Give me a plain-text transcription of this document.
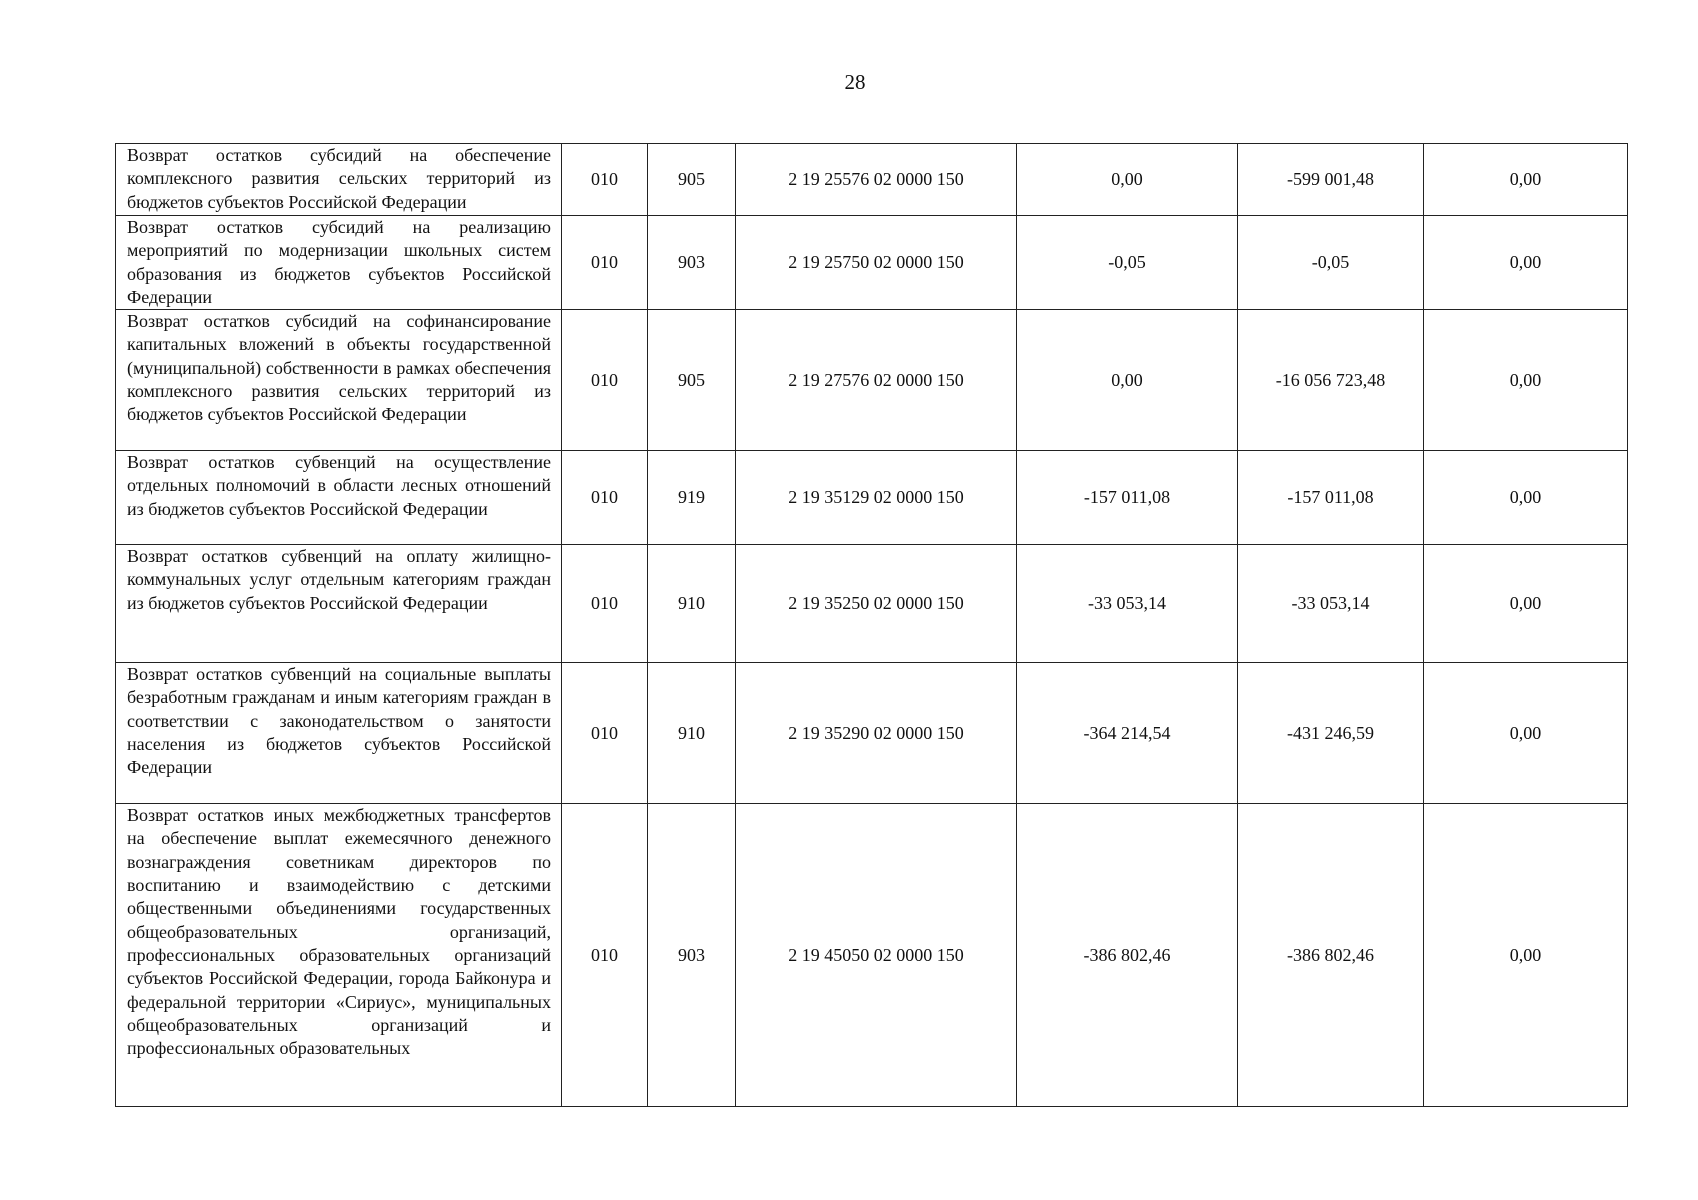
28
Возврат остатков субсидий на обеспечение комплексного развития сельских территорий из бюджетов субъектов Российской Федерации	010	905	2 19 25576 02 0000 150	0,00	-599 001,48	0,00

Возврат остатков субсидий на реализацию мероприятий по модернизации школьных систем образования из бюджетов субъектов Российской Федерации	010	903	2 19 25750 02 0000 150	-0,05	-0,05	0,00

Возврат остатков субсидий на софинансирование капитальных вложений в объекты государственной (муниципальной) собственности в рамках обеспечения комплексного развития сельских территорий из бюджетов субъектов Российской Федерации	010	905	2 19 27576 02 0000 150	0,00	-16 056 723,48	0,00

Возврат остатков субвенций на осуществление отдельных полномочий в области лесных отношений из бюджетов субъектов Российской Федерации	010	919	2 19 35129 02 0000 150	-157 011,08	-157 011,08	0,00

Возврат остатков субвенций на оплату жилищно-коммунальных услуг отдельным категориям граждан из бюджетов субъектов Российской Федерации	010	910	2 19 35250 02 0000 150	-33 053,14	-33 053,14	0,00

Возврат остатков субвенций на социальные выплаты безработным гражданам и иным категориям граждан в соответствии с законодательством о занятости населения из бюджетов субъектов Российской Федерации	010	910	2 19 35290 02 0000 150	-364 214,54	-431 246,59	0,00

Возврат остатков иных межбюджетных трансфертов на обеспечение выплат ежемесячного денежного вознаграждения советникам директоров по воспитанию и взаимодействию с детскими общественными объединениями государственных общеобразовательных организаций, профессиональных образовательных организаций субъектов Российской Федерации, города Байконура и федеральной территории «Сириус», муниципальных общеобразовательных организаций и профессиональных образовательных	010	903	2 19 45050 02 0000 150	-386 802,46	-386 802,46	0,00
